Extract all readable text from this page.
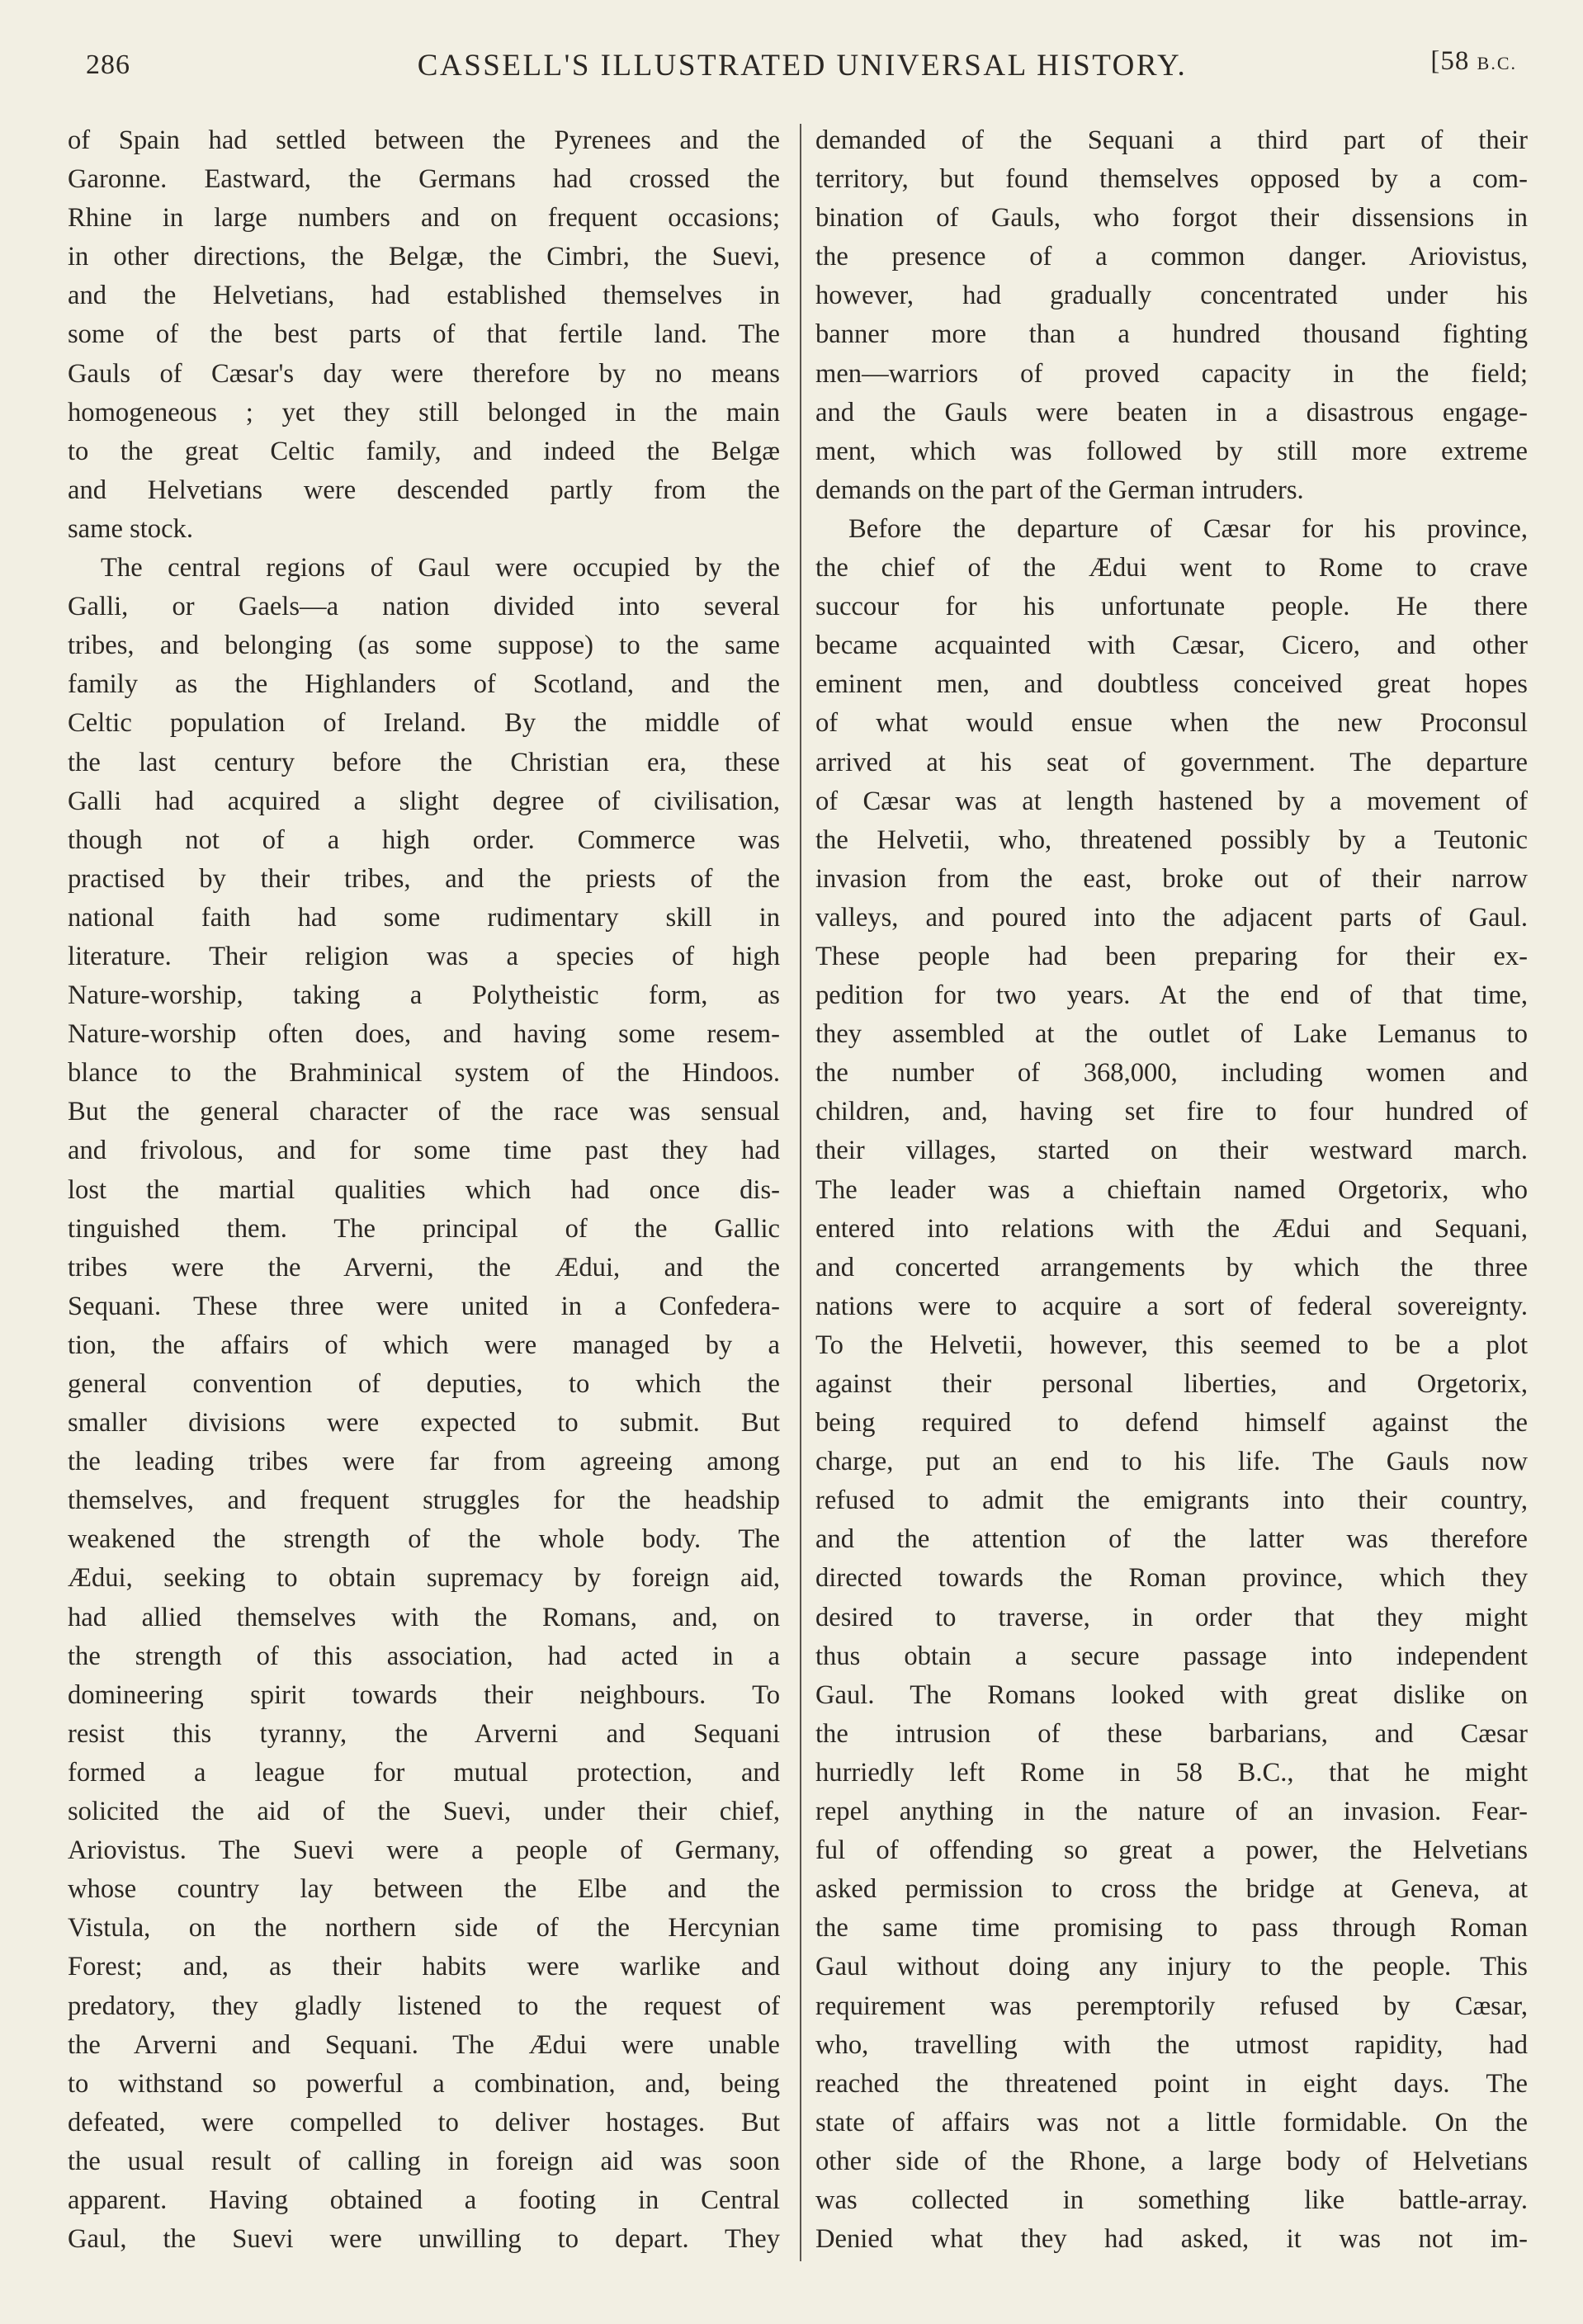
286	CASSELL'S ILLUSTRATED UNIVERSAL HISTORY.	[58 B.C.
of Spain had settled between the Pyrenees and the
Garonne. Eastward, the Germans had crossed the
Rhine in large numbers and on frequent occasions;
in other directions, the Belgæ, the Cimbri, the Suevi,
and the Helvetians, had established themselves in
some of the best parts of that fertile land. The
Gauls of Cæsar's day were therefore by no means
homogeneous ; yet they still belonged in the main
to the great Celtic family, and indeed the Belgæ
and Helvetians were descended partly from the
same stock.
The central regions of Gaul were occupied by the
Galli, or Gaels—a nation divided into several
tribes, and belonging (as some suppose) to the same
family as the Highlanders of Scotland, and the
Celtic population of Ireland. By the middle of
the last century before the Christian era, these
Galli had acquired a slight degree of civilisation,
though not of a high order. Commerce was
practised by their tribes, and the priests of the
national faith had some rudimentary skill in
literature. Their religion was a species of high
Nature-worship, taking a Polytheistic form, as
Nature-worship often does, and having some resem-
blance to the Brahminical system of the Hindoos.
But the general character of the race was sensual
and frivolous, and for some time past they had
lost the martial qualities which had once dis-
tinguished them. The principal of the Gallic
tribes were the Arverni, the Ædui, and the
Sequani. These three were united in a Confedera-
tion, the affairs of which were managed by a
general convention of deputies, to which the
smaller divisions were expected to submit. But
the leading tribes were far from agreeing among
themselves, and frequent struggles for the headship
weakened the strength of the whole body. The
Ædui, seeking to obtain supremacy by foreign aid,
had allied themselves with the Romans, and, on
the strength of this association, had acted in a
domineering spirit towards their neighbours. To
resist this tyranny, the Arverni and Sequani
formed a league for mutual protection, and
solicited the aid of the Suevi, under their chief,
Ariovistus. The Suevi were a people of Germany,
whose country lay between the Elbe and the
Vistula, on the northern side of the Hercynian
Forest; and, as their habits were warlike and
predatory, they gladly listened to the request of
the Arverni and Sequani. The Ædui were unable
to withstand so powerful a combination, and, being
defeated, were compelled to deliver hostages. But
the usual result of calling in foreign aid was soon
apparent. Having obtained a footing in Central
Gaul, the Suevi were unwilling to depart. They
demanded of the Sequani a third part of their
territory, but found themselves opposed by a com-
bination of Gauls, who forgot their dissensions in
the presence of a common danger. Ariovistus,
however, had gradually concentrated under his
banner more than a hundred thousand fighting
men—warriors of proved capacity in the field;
and the Gauls were beaten in a disastrous engage-
ment, which was followed by still more extreme
demands on the part of the German intruders.
Before the departure of Cæsar for his province,
the chief of the Ædui went to Rome to crave
succour for his unfortunate people. He there
became acquainted with Cæsar, Cicero, and other
eminent men, and doubtless conceived great hopes
of what would ensue when the new Proconsul
arrived at his seat of government. The departure
of Cæsar was at length hastened by a movement of
the Helvetii, who, threatened possibly by a Teutonic
invasion from the east, broke out of their narrow
valleys, and poured into the adjacent parts of Gaul.
These people had been preparing for their ex-
pedition for two years. At the end of that time,
they assembled at the outlet of Lake Lemanus to
the number of 368,000, including women and
children, and, having set fire to four hundred of
their villages, started on their westward march.
The leader was a chieftain named Orgetorix, who
entered into relations with the Ædui and Sequani,
and concerted arrangements by which the three
nations were to acquire a sort of federal sovereignty.
To the Helvetii, however, this seemed to be a plot
against their personal liberties, and Orgetorix,
being required to defend himself against the
charge, put an end to his life. The Gauls now
refused to admit the emigrants into their country,
and the attention of the latter was therefore
directed towards the Roman province, which they
desired to traverse, in order that they might
thus obtain a secure passage into independent
Gaul. The Romans looked with great dislike on
the intrusion of these barbarians, and Cæsar
hurriedly left Rome in 58 B.C., that he might
repel anything in the nature of an invasion. Fear-
ful of offending so great a power, the Helvetians
asked permission to cross the bridge at Geneva, at
the same time promising to pass through Roman
Gaul without doing any injury to the people. This
requirement was peremptorily refused by Cæsar,
who, travelling with the utmost rapidity, had
reached the threatened point in eight days. The
state of affairs was not a little formidable. On the
other side of the Rhone, a large body of Helvetians
was collected in something like battle-array.
Denied what they had asked, it was not im-
